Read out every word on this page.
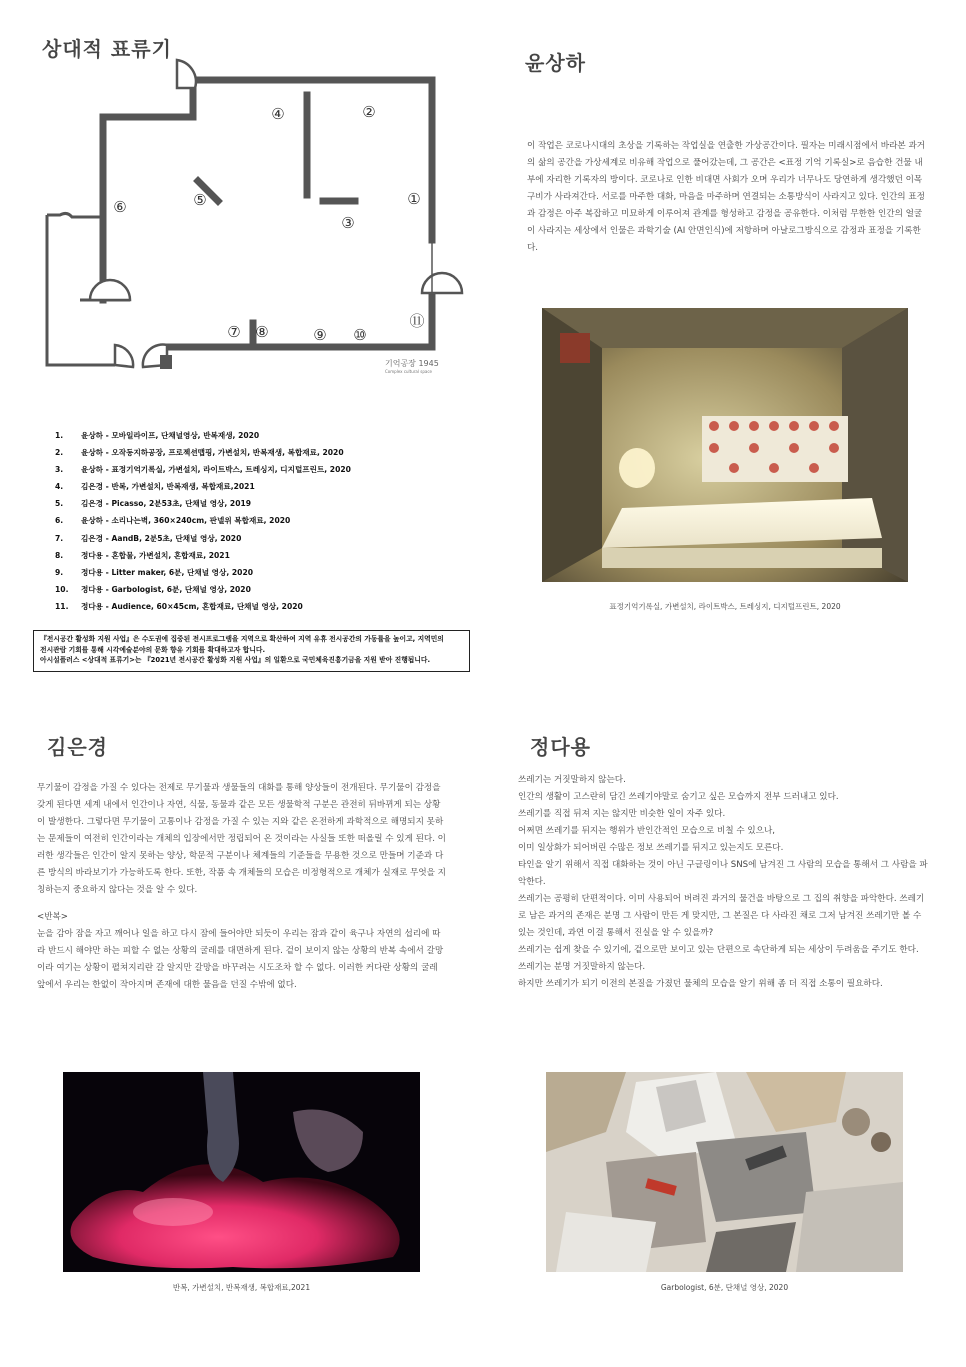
상대적 표류기
①
②
③
④
⑤
⑥
⑦ ⑧	⑨ ⑩
⑪
기억공장 1945
Complex cultural space
1. 윤상하 - 모바일라이프, 단채널영상, 반복재생, 2020
2. 윤상하 - 오작동지하공장, 프로젝션맵핑, 가변설치, 반복재생, 복합재료, 2020
3. 윤상하 - 표정기억기록실, 가변설치, 라이트박스, 트레싱지, 디지털프린트, 2020
4. 김은경 - 반복, 가변설치, 반복재생, 복합재료,2021
5. 김은경 - Picasso, 2분53초, 단채널 영상, 2019
6. 윤상하 - 소리나는벽, 360×240cm, 판넬위 복합재료, 2020
7. 김은경 - AandB, 2분5초, 단채널 영상, 2020
8. 정다용 - 혼합물, 가변설치, 혼합재료, 2021
9. 정다용 - Litter maker, 6분, 단채널 영상, 2020
10. 정다용 - Garbologist, 6분, 단채널 영상, 2020
11. 정다용 - Audience, 60×45cm, 혼합재료, 단채널 영상, 2020
『전시공간 활성화 지원 사업』은 수도권에 집중된 전시프로그램을 지역으로 확산하여 지역 유휴 전시공간의 가동률을 높이고, 지역민의
전시관람 기회를 통해 시각예술분야의 문화 향유 기회를 확대하고자 합니다.
아시설플러스 <상대적 표류기>는 『2021년 전시공간 활성화 지원 사업』의 일환으로 국민체육진흥기금을 지원 받아 진행됩니다.
윤상하

이 작업은 코로나시대의 초상을 기록하는 작업실을 연출한 가상공간이다. 필자는 미래시점에서 바라본 과거의 삶의 공간을 가상세계로 비유해 작업으로 풀어갔는데, 그 공간은 <표정 기억 기록실>로 음습한 건물 내부에 자리한 기록자의 방이다. 코로나로 인한 비대면 사회가 오며 우리가 너무나도 당연하게 생각했던 이목구비가 사라져간다. 서로를 마주한 대화, 마음을 마주하며 연결되는 소통방식이 사라지고 있다. 인간의 표정과 감정은 아주 복잡하고 미묘하게 이루어져 관계를 형성하고 감정을 공유한다. 이처럼 무한한 인간의 얼굴이 사라지는 세상에서 인물은 과학기술 (AI 안면인식)에 저항하며 아날로그방식으로 감정과 표정을 기록한다.

표정기억기록실, 가변설치, 라이트박스, 트레싱지, 디지털프린트, 2020
김은경

무기물이 감정을 가질 수 있다는 전제로 무기물과 생물들의 대화를 통해 양상들이 전개된다. 무기물이 감정을 갖게 된다면 세계 내에서 인간이나 자연, 식물, 동물과 같은 모든 생물학적 구분은 관전히 뒤바뀌게 되는 상황이 발생한다. 그렇다면 무기물이 고통이나 감정을 가질 수 있는 지와 같은 온전하게 과학적으로 해명되지 못하는 문제들이 여전히 인간이라는 개체의 입장에서만 정립되어 온 것이라는 사실들 또한 떠올릴 수 있게 된다. 이러한 생각들은 인간이 알지 못하는 양상, 학문적 구분이나 체계들의 기준들을 무용한 것으로 만들며 기준과 다른 방식의 바라보기가 가능하도록 한다. 또한, 작품 속 개체들의 모습은 비정형적으로 개체가 실재로 무엇을 지칭하는지 중요하지 않다는 것을 알 수 있다.

<반복>

눈을 감아 잠을 자고 깨어나 일을 하고 다시 잠에 들어야만 되듯이 우리는 잠과 같이 육구나 자연의 섭리에 따라 반드시 해야만 하는 피할 수 없는 상황의 굴레를 대면하게 된다. 겉이 보이지 않는 상황의 반복 속에서 갈망이라 여기는 상황이 펼쳐지리란 갈 알지만 갈망을 바꾸려는 시도조차 할 수 없다. 이러한 커다란 상황의 굴레 앞에서 우리는 한없이 작아지며 존재에 대한 물음을 던질 수밖에 없다.

반복, 가변설치, 반복재생, 복합재료,2021
정다용

쓰레기는 거짓말하지 않는다.

인간의 생활이 고스란히 담긴 쓰레기야말로 숨기고 싶은 모습까지 전부 드러내고 있다.

쓰레기를 직접 뒤져 지는 않지만 비슷한 일이 자주 있다.

어쩌면 쓰레기를 뒤지는 행위가 반인간적인 모습으로 비칠 수 있으나,

이미 일상화가 되어버린 수많은 정보 쓰레기를 뒤지고 있는지도 모른다.

타인을 알기 위해서 직접 대화하는 것이 아닌 구글링이나 SNS에 남겨진 그 사람의 모습을 통해서 그 사람을 파악한다.

쓰레기는 공평히 단편적이다. 이미 사용되어 버려진 과거의 물건을 바탕으로 그 집의 취향을 파악한다. 쓰레기로 남은 과거의 존재은 분명 그 사람이 만든 게 맞지만, 그 본질은 다 사라진 채로 그저 남겨진 쓰레기만 볼 수 있는 것인데, 과연 이걸 통해서 진실을 알 수 있을까?

쓰레기는 쉽게 찾을 수 있기에, 겉으로만 보이고 있는 단편으로 속단하게 되는 세상이 두려움을 주기도 한다.

쓰레기는 분명 거짓말하지 않는다.

하지만 쓰레기가 되기 이전의 본질을 가졌던 물체의 모습을 알기 위해 좀 더 직접 소통이 필요하다.

Garbologist, 6분, 단채널 영상, 2020
